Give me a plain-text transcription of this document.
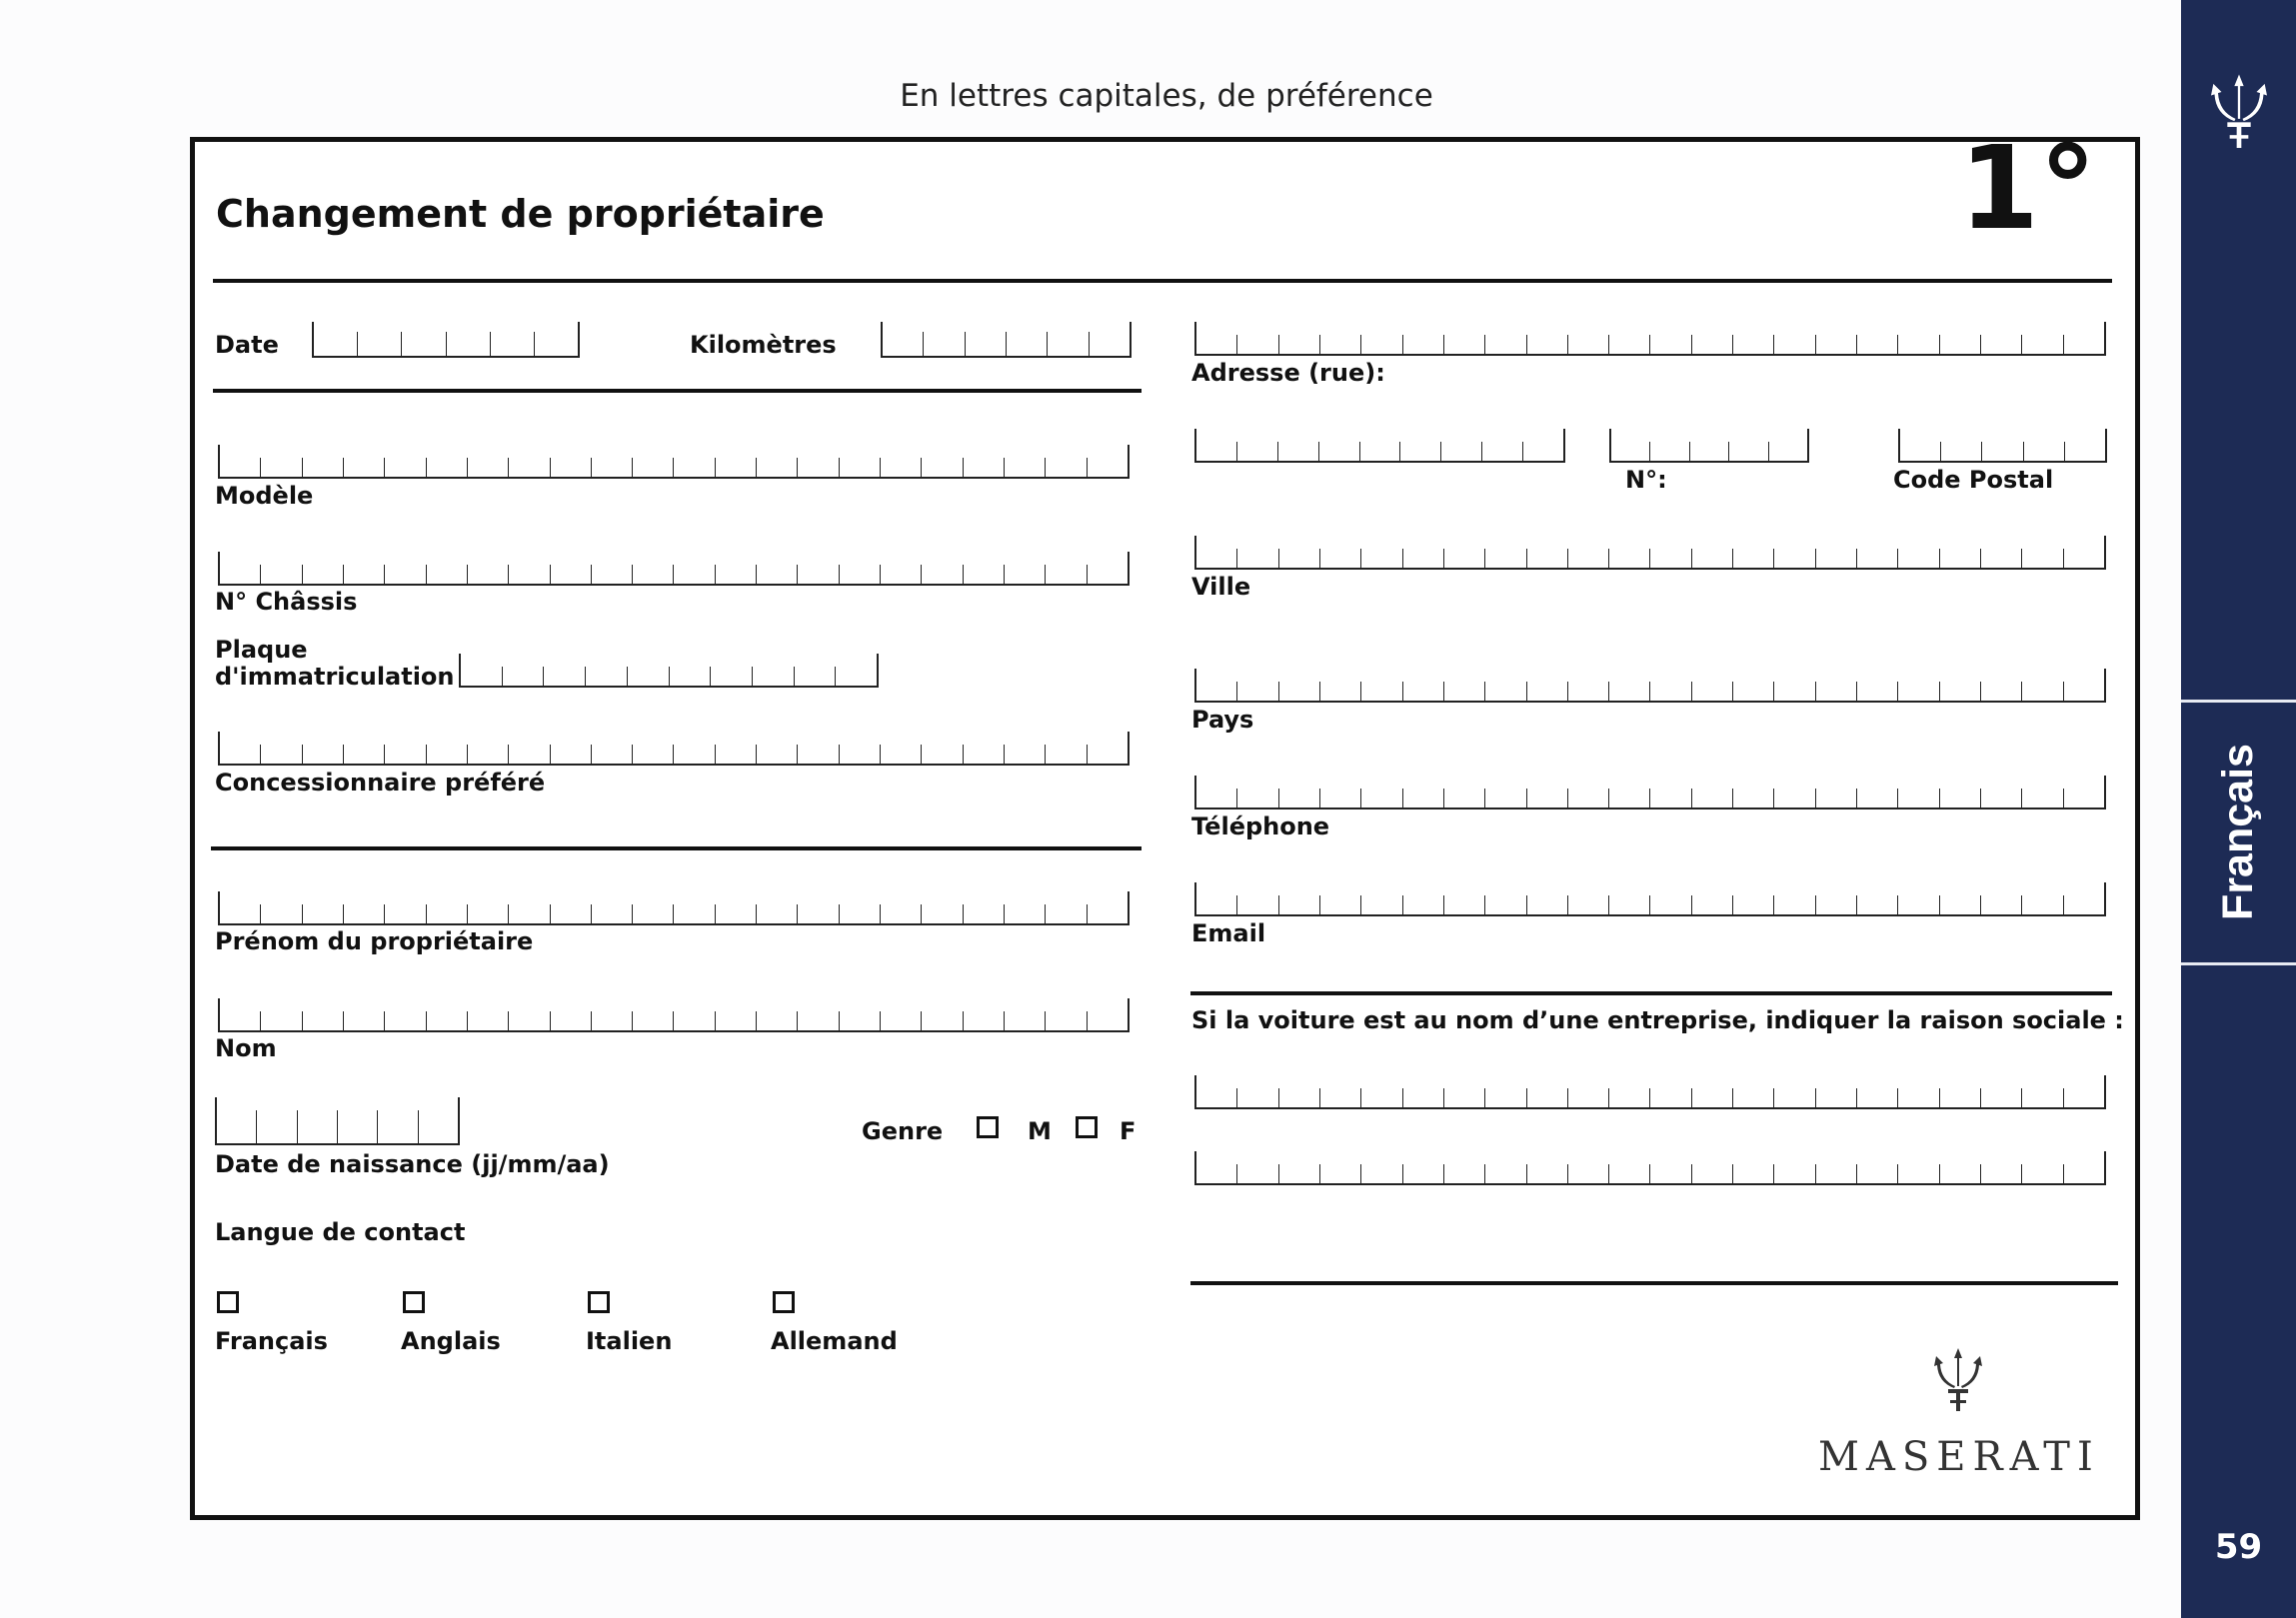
En lettres capitales, de préférence
Changement de propriétaire	1°
Date	Kilomètres
Modèle
N° Châssis
Plaque
d'immatriculation
Concessionnaire préféré
Prénom du propriétaire
Nom
Date de naissance (jj/mm/aa)
Genre	M	F
Langue de contact
Français	Anglais	Italien	Allemand
Adresse (rue):
N°:	Code Postal
Ville
Pays
Téléphone
Email
Si la voiture est au nom d’une entreprise, indiquer la raison sociale :
MASERATI
Français
59
